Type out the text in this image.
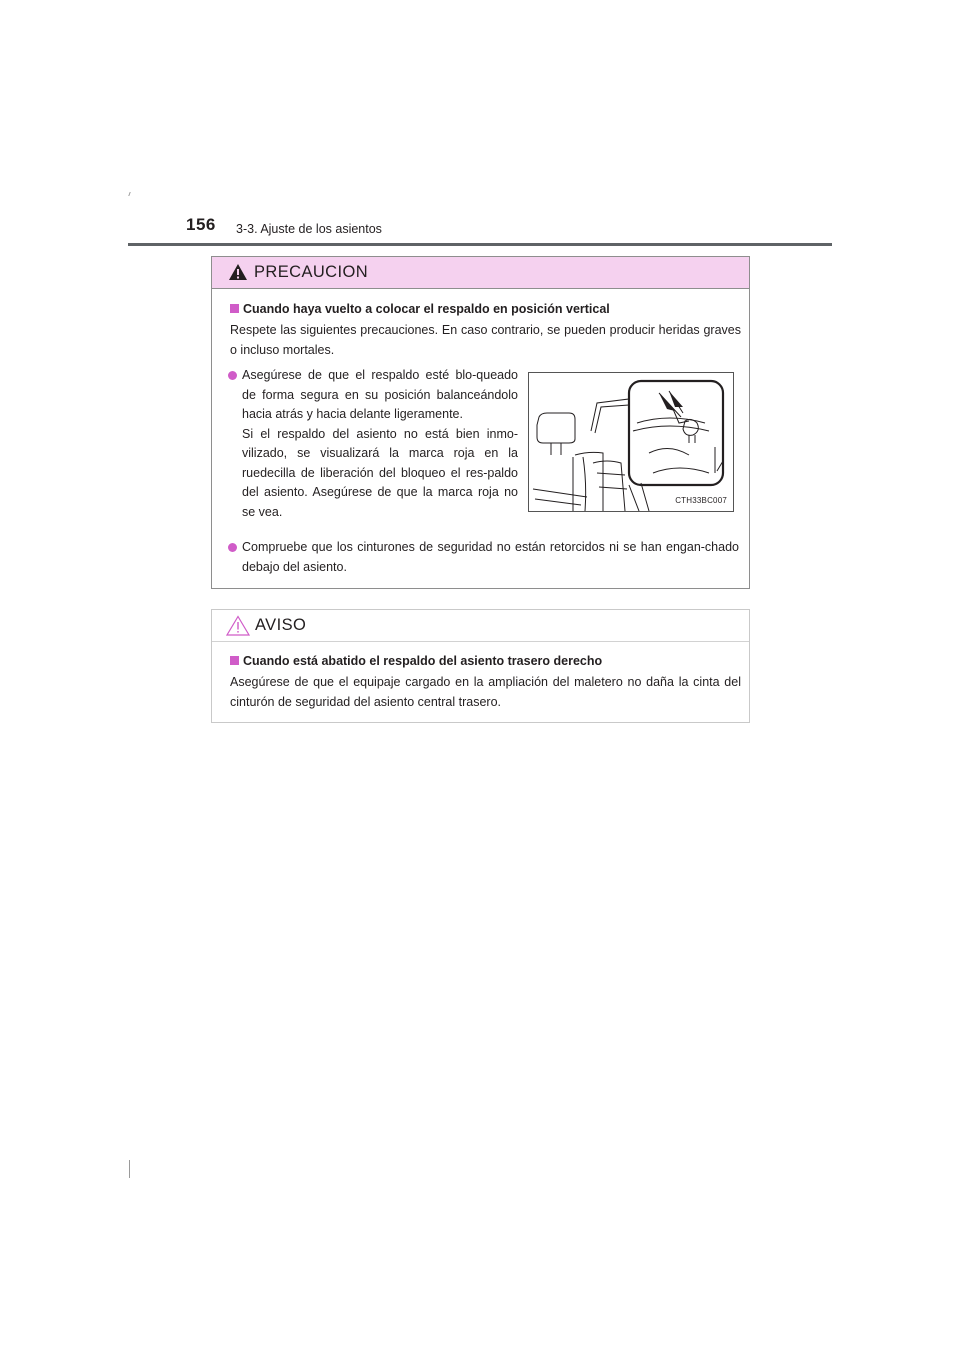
156 3-3. Ajuste de los asientos
PRECAUCION
Cuando haya vuelto a colocar el respaldo en posición vertical
Respete las siguientes precauciones. En caso contrario, se pueden producir heridas graves o incluso mortales.

Asegúrese de que el respaldo esté blo-queado de forma segura en su posición balanceándolo hacia atrás y hacia delante ligeramente.

Si el respaldo del asiento no está bien inmo-vilizado, se visualizará la marca roja en la ruedecilla de liberación del bloqueo el res-paldo del asiento. Asegúrese de que la marca roja no se vea.

CTH33BC007
Compruebe que los cinturones de seguridad no están retorcidos ni se han engan-chado debajo del asiento.
AVISO
Cuando está abatido el respaldo del asiento trasero derecho
Asegúrese de que el equipaje cargado en la ampliación del maletero no daña la cinta del cinturón de seguridad del asiento central trasero.
